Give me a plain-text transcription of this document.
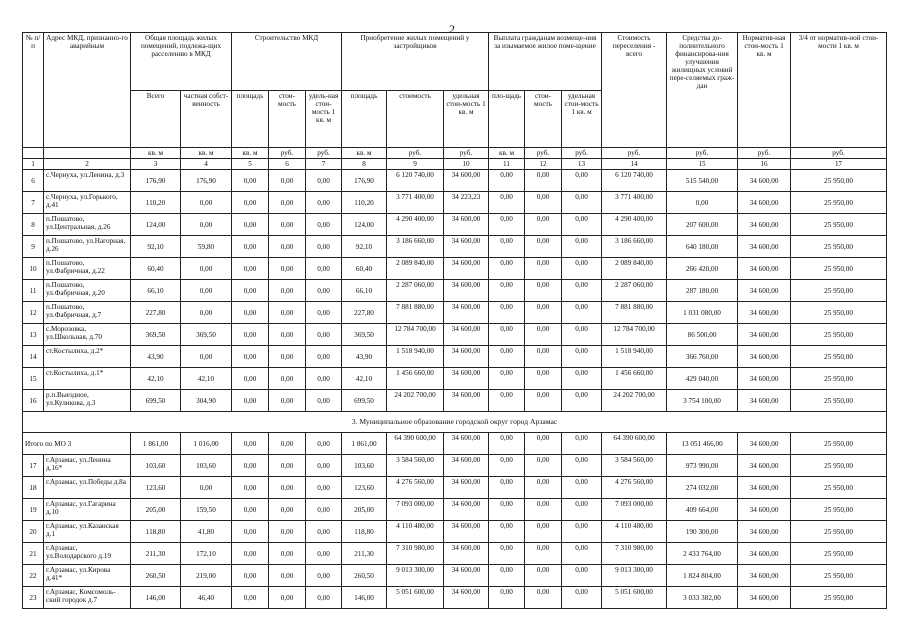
2
№ п/п	Адрес МКД, признанно-го аварийным	Общая площадь жилых помещений, подлежа-щих расселению в МКД		Строительство МКД			Приобретение жилых помещений у застройщиков			Выплата гражданам возмеще-ния за изымаемое жилое поме-щение			Стоимость переселения - всего	Средства до-полнительного финансирова-ния улучшения жилищных условий пере-селяемых граж-дан	Норматив-ная стои-мость 1 кв. м	3/4 от норматив-ной стои-мости 1 кв. м
		Всего	частная собст-венность	площадь	стои-мость	удель-ная стои-мость 1 кв. м	площадь	стоимость	удельная стои-мость 1 кв. м	пло-щадь	стои-мость	удельная стои-мость 1 кв. м				
		кв. м	кв. м	кв. м	руб.	руб.	кв. м	руб.	руб.	кв. м	руб.	руб.	руб.	руб.	руб.	руб.
1	2	3	4	5	6	7	8	9	10	11	12	13	14	15	16	17
6	с.Чернуха, ул.Ленина, д.3	176,90	176,90	0,00	0,00	0,00	176,90	6 120 740,00	34 600,00	0,00	0,00	0,00	6 120 740,00	515 540,00	34 600,00	25 950,00
7	с.Чернуха, ул.Горького, д.41	110,20	0,00	0,00	0,00	0,00	110,20	3 771 400,00	34 223,23	0,00	0,00	0,00	3 771 400,00	0,00	34 600,00	25 950,00
8	п.Пошатово, ул.Центральная, д.26	124,00	0,00	0,00	0,00	0,00	124,00	4 290 400,00	34 600,00	0,00	0,00	0,00	4 290 400,00	207 600,00	34 600,00	25 950,00
9	п.Пошатово, ул.Нагорная, д.26	92,10	59,80	0,00	0,00	0,00	92,10	3 186 660,00	34 600,00	0,00	0,00	0,00	3 186 660,00	640 180,00	34 600,00	25 950,00
10	п.Пошатово, ул.Фабричная, д.22	60,40	0,00	0,00	0,00	0,00	60,40	2 089 840,00	34 600,00	0,00	0,00	0,00	2 089 840,00	266 420,00	34 600,00	25 950,00
11	п.Пошатово, ул.Фабричная, д.20	66,10	0,00	0,00	0,00	0,00	66,10	2 287 060,00	34 600,00	0,00	0,00	0,00	2 287 060,00	287 180,00	34 600,00	25 950,00
12	п.Пошатово, ул.Фабричная, д.7	227,80	0,00	0,00	0,00	0,00	227,80	7 881 880,00	34 600,00	0,00	0,00	0,00	7 881 880,00	1 031 080,00	34 600,00	25 950,00
13	с.Морозовка, ул.Школьная, д.70	369,50	369,50	0,00	0,00	0,00	369,50	12 784 700,00	34 600,00	0,00	0,00	0,00	12 784 700,00	86 500,00	34 600,00	25 950,00
14	ст.Костылиха, д.2*	43,90	0,00	0,00	0,00	0,00	43,90	1 518 940,00	34 600,00	0,00	0,00	0,00	1 518 940,00	366 760,00	34 600,00	25 950,00
15	ст.Костылиха, д.1*	42,10	42,10	0,00	0,00	0,00	42,10	1 456 660,00	34 600,00	0,00	0,00	0,00	1 456 660,00	429 040,00	34 600,00	25 950,00
16	р.п.Выездное, ул.Куликова, д.3	699,50	304,90	0,00	0,00	0,00	699,50	24 202 700,00	34 600,00	0,00	0,00	0,00	24 202 700,00	3 754 100,00	34 600,00	25 950,00
3. Муниципальное образование городской округ город Арзамас																
Итого по МО 3		1 861,00	1 016,00	0,00	0,00	0,00	1 861,00	64 390 600,00	34 600,00	0,00	0,00	0,00	64 390 600,00	13 051 466,00	34 600,00	25 950,00
17	г.Арзамас, ул.Ленина д.16*	103,60	103,60	0,00	0,00	0,00	103,60	3 584 560,00	34 600,00	0,00	0,00	0,00	3 584 560,00	973 990,00	34 600,00	25 950,00
18	г.Арзамас, ул.Победы д.8а	123,60	0,00	0,00	0,00	0,00	123,60	4 276 560,00	34 600,00	0,00	0,00	0,00	4 276 560,00	274 032,00	34 600,00	25 950,00
19	г.Арзамас, ул.Гагарина д.10	205,00	159,50	0,00	0,00	0,00	205,00	7 093 000,00	34 600,00	0,00	0,00	0,00	7 093 000,00	409 664,00	34 600,00	25 950,00
20	г.Арзамас, ул.Казанская д.1	118,80	41,80	0,00	0,00	0,00	118,80	4 110 480,00	34 600,00	0,00	0,00	0,00	4 110 480,00	190 300,00	34 600,00	25 950,00
21	г.Арзамас, ул.Володарского д.19	211,30	172,10	0,00	0,00	0,00	211,30	7 310 980,00	34 600,00	0,00	0,00	0,00	7 310 980,00	2 433 764,00	34 600,00	25 950,00
22	г.Арзамас, ул.Кирова д.41*	260,50	219,00	0,00	0,00	0,00	260,50	9 013 300,00	34 600,00	0,00	0,00	0,00	9 013 300,00	1 824 804,00	34 600,00	25 950,00
23	г.Арзамас, Комсомоль-ский городок д.7	146,00	46,40	0,00	0,00	0,00	146,00	5 051 600,00	34 600,00	0,00	0,00	0,00	5 051 600,00	3 033 382,00	34 600,00	25 950,00
